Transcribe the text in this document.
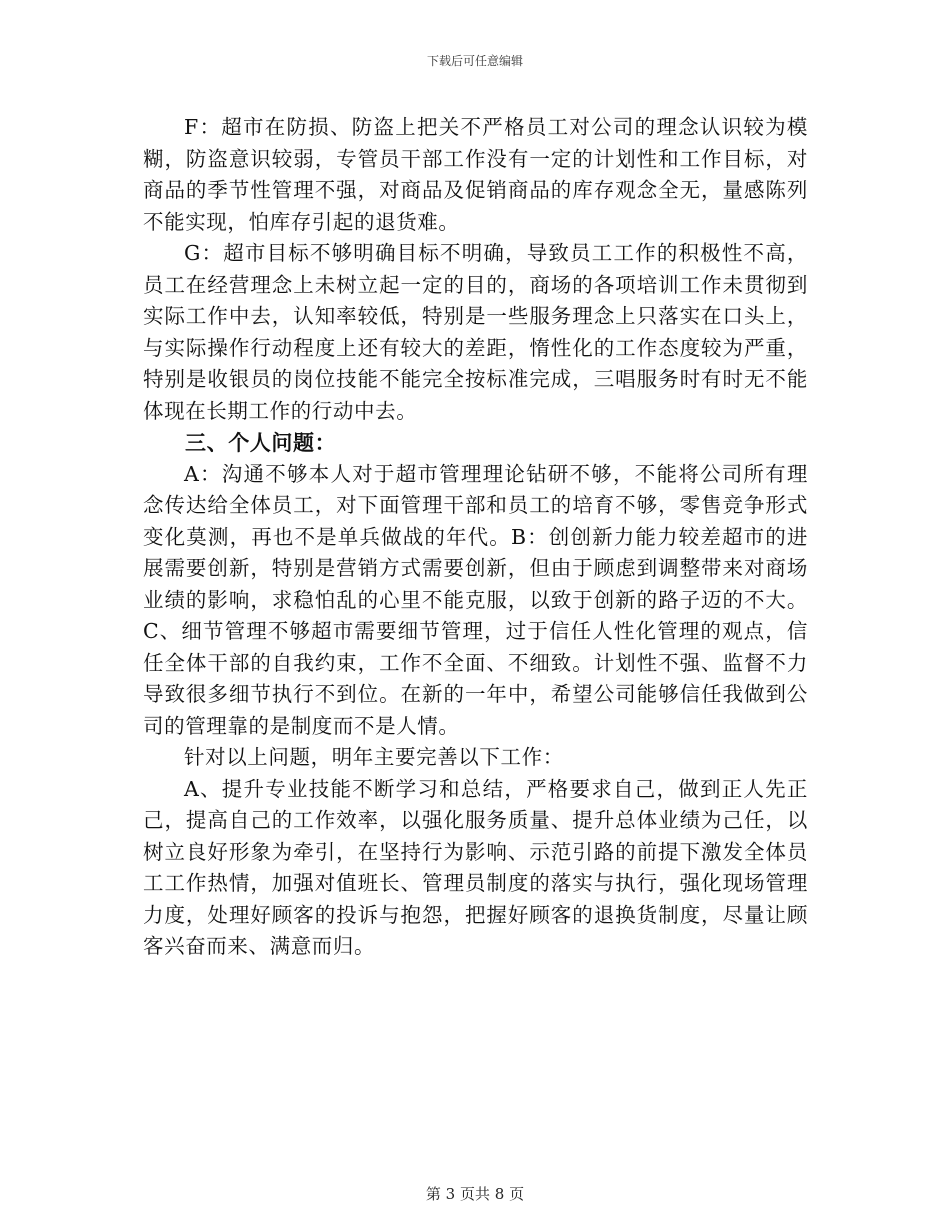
下载后可任意编辑

F：超市在防损、防盗上把关不严格员工对公司的理念认识较为模糊，防盗意识较弱，专管员干部工作没有一定的计划性和工作目标，对商品的季节性管理不强，对商品及促销商品的库存观念全无，量感陈列不能实现，怕库存引起的退货难。

G：超市目标不够明确目标不明确，导致员工工作的积极性不高，员工在经营理念上未树立起一定的目的，商场的各项培训工作未贯彻到实际工作中去，认知率较低，特别是一些服务理念上只落实在口头上，与实际操作行动程度上还有较大的差距，惰性化的工作态度较为严重，特别是收银员的岗位技能不能完全按标准完成，三唱服务时有时无不能体现在长期工作的行动中去。

三、个人问题：

A：沟通不够本人对于超市管理理论钻研不够，不能将公司所有理念传达给全体员工，对下面管理干部和员工的培育不够，零售竞争形式变化莫测，再也不是单兵做战的年代。B：创创新力能力较差超市的进展需要创新，特别是营销方式需要创新，但由于顾虑到调整带来对商场业绩的影响，求稳怕乱的心里不能克服，以致于创新的路子迈的不大。C、细节管理不够超市需要细节管理，过于信任人性化管理的观点，信任全体干部的自我约束，工作不全面、不细致。计划性不强、监督不力导致很多细节执行不到位。在新的一年中，希望公司能够信任我做到公司的管理靠的是制度而不是人情。

针对以上问题，明年主要完善以下工作：

A、提升专业技能不断学习和总结，严格要求自己，做到正人先正己，提高自己的工作效率，以强化服务质量、提升总体业绩为己任，以树立良好形象为牵引，在坚持行为影响、示范引路的前提下激发全体员工工作热情，加强对值班长、管理员制度的落实与执行，强化现场管理力度，处理好顾客的投诉与抱怨，把握好顾客的退换货制度，尽量让顾客兴奋而来、满意而归。

第 3 页共 8 页
